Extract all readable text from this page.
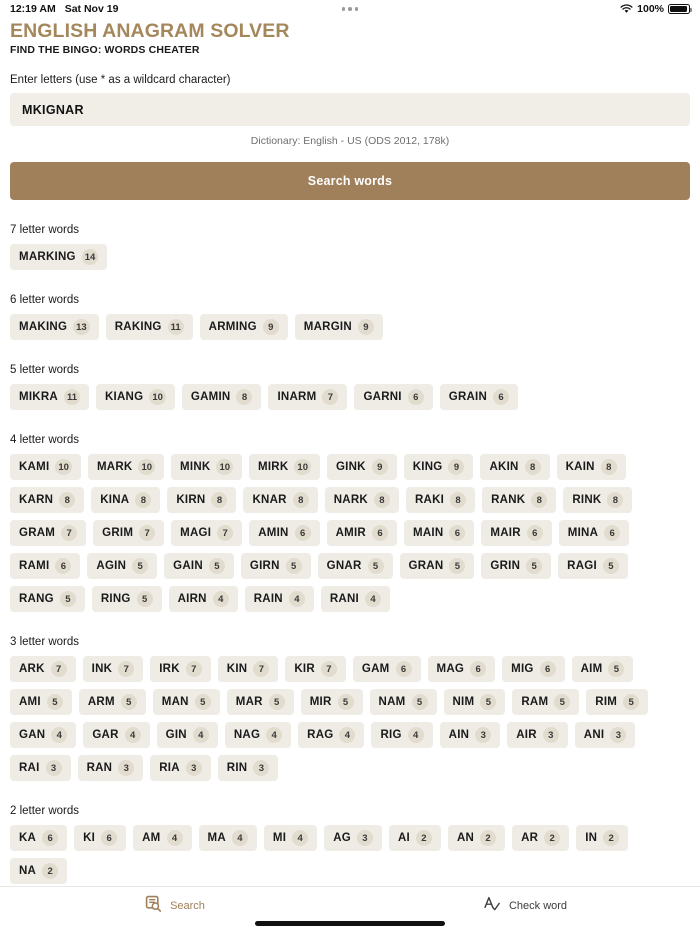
12:19 AM Sat Nov 19	100%
ENGLISH ANAGRAM SOLVER
FIND THE BINGO: WORDS CHEATER
Enter letters (use * as a wildcard character)
MKIGNAR
Dictionary: English - US (ODS 2012, 178k)
Search words
7 letter words
MARKING 14
6 letter words
MAKING 13 RAKING 11 ARMING	9	MARGIN	9
5 letter words
MIKRA 11 KIANG 10 GAMIN	8	INARM	7	GARNI	6	GRAIN	6
4 letter words
KAMI 10 MARK 10 MINK 10 MIRK 10 GINK	9	KING	9	AKIN	8	KAIN	8
KARN	8	KINA	8	KIRN	8	KNAR	8	NARK	8	RAKI	8	RANK	8	RINK	8
GRAM	7	GRIM	7	MAGI	7	AMIN	6	AMIR	6	MAIN	6	MAIR	6	MINA	6
RAMI	6	AGIN	5	GAIN	5	GIRN	5	GNAR	5	GRAN	5	GRIN	5	RAGI	5
RANG	5	RING	5	AIRN	4	RAIN	4	RANI	4
3 letter words
ARK	7	INK	7	IRK	7	KIN	7	KIR	7	GAM	6	MAG	6	MIG	6	AIM	5
AMI	5	ARM	5	MAN	5	MAR	5	MIR	5	NAM	5	NIM	5	RAM	5	RIM	5
GAN	4	GAR	4	GIN	4	NAG	4	RAG	4	RIG	4	AIN	3	AIR	3	ANI	3
RAI	3	RAN	3	RIA	3	RIN	3
2 letter words
KA	6	KI	6	AM	4	MA	4	MI	4	AG	3	AI	2	AN	2	AR	2	IN	2
NA	2
Search	Check word
